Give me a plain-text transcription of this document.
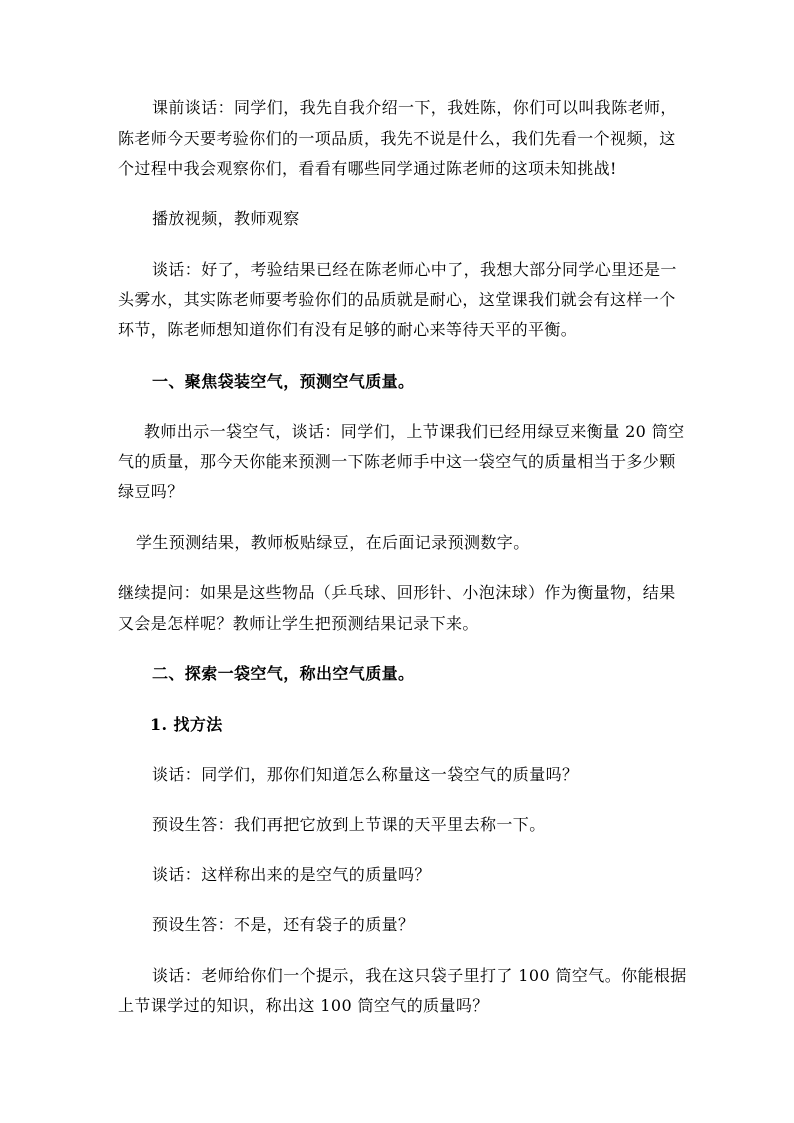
课前谈话：同学们，我先自我介绍一下，我姓陈，你们可以叫我陈老师，
陈老师今天要考验你们的一项品质，我先不说是什么，我们先看一个视频，这
个过程中我会观察你们，看看有哪些同学通过陈老师的这项未知挑战!
播放视频，教师观察
谈话：好了，考验结果已经在陈老师心中了，我想大部分同学心里还是一
头雾水，其实陈老师要考验你们的品质就是耐心，这堂课我们就会有这样一个
环节，陈老师想知道你们有没有足够的耐心来等待天平的平衡。
一、聚焦袋装空气，预测空气质量。
教师出示一袋空气，谈话：同学们，上节课我们已经用绿豆来衡量 20 筒空
气的质量，那今天你能来预测一下陈老师手中这一袋空气的质量相当于多少颗
绿豆吗？
学生预测结果，教师板贴绿豆，在后面记录预测数字。
继续提问：如果是这些物品（乒乓球、回形针、小泡沫球）作为衡量物，结果
又会是怎样呢？教师让学生把预测结果记录下来。
二、探索一袋空气，称出空气质量。
1. 找方法
谈话：同学们，那你们知道怎么称量这一袋空气的质量吗？
预设生答：我们再把它放到上节课的天平里去称一下。
谈话：这样称出来的是空气的质量吗？
预设生答：不是，还有袋子的质量？
谈话：老师给你们一个提示，我在这只袋子里打了 100 筒空气。你能根据
上节课学过的知识，称出这 100 筒空气的质量吗？
